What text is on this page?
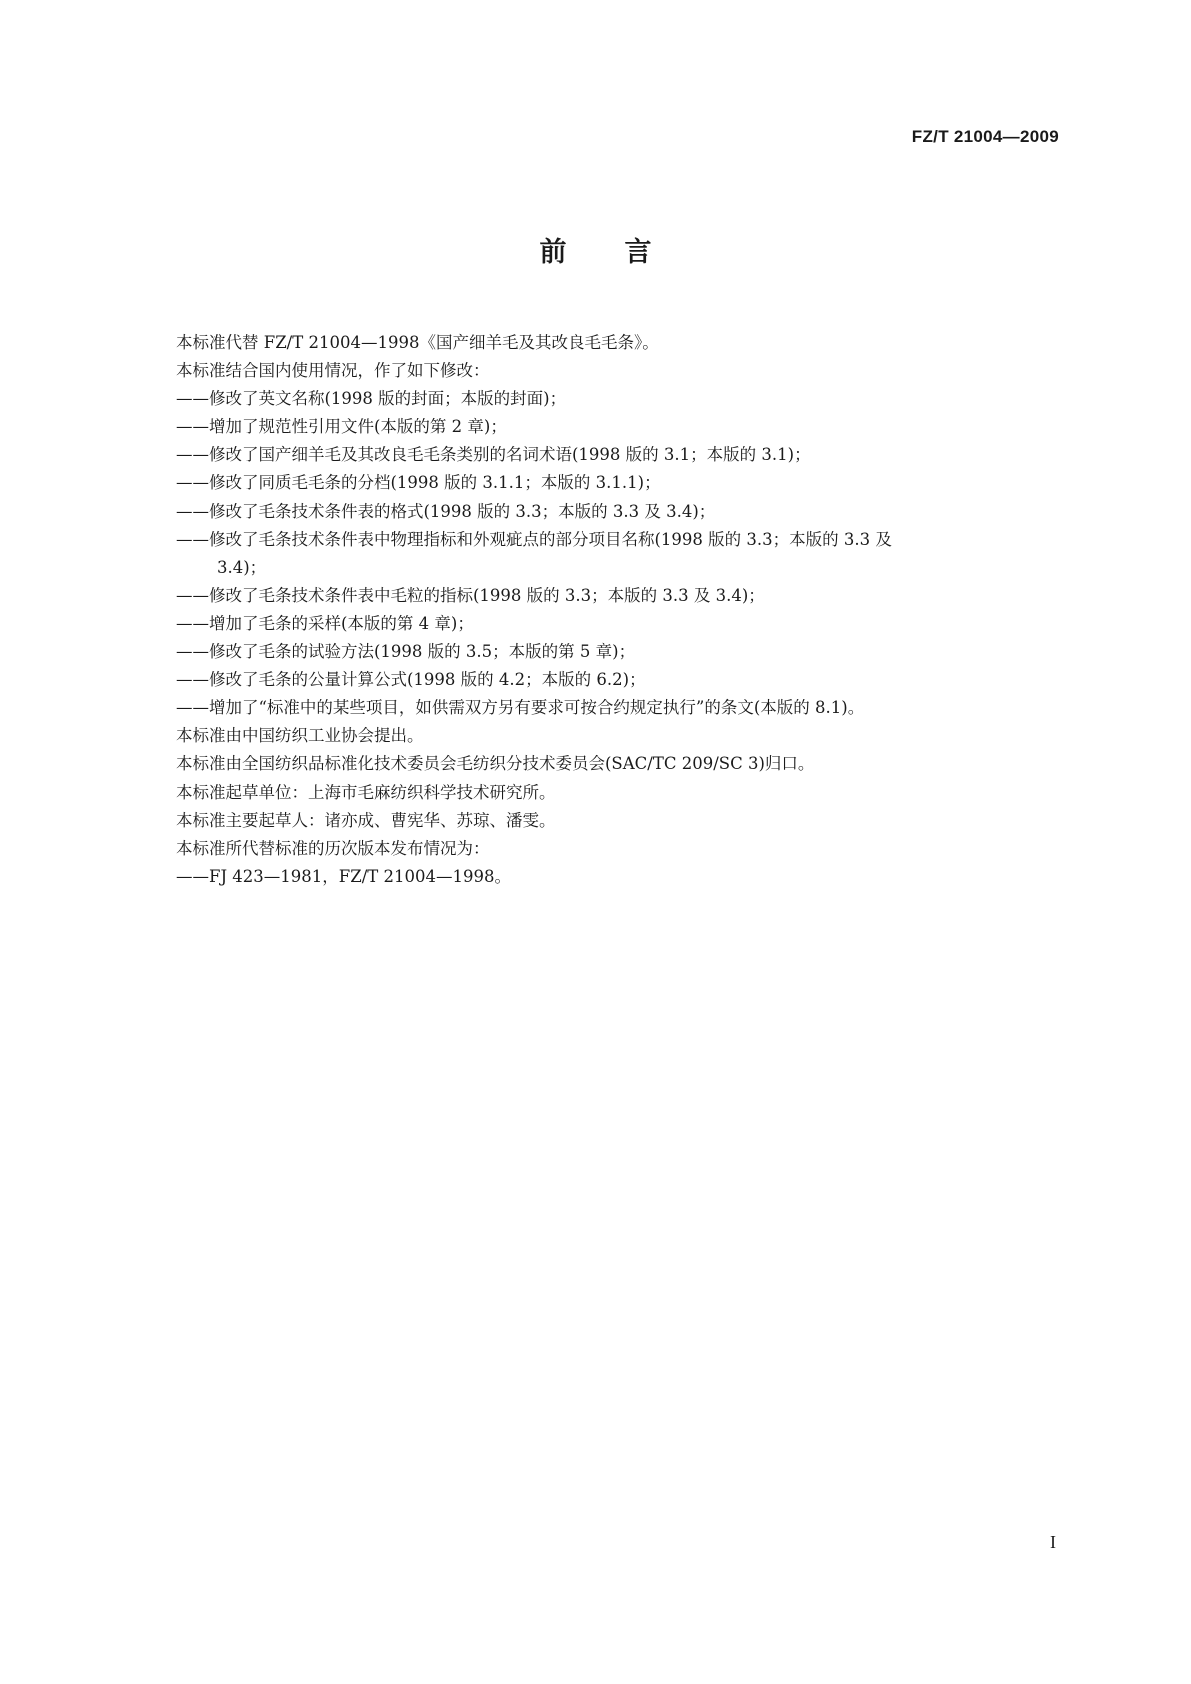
FZ/T 21004—2009
前言
本标准代替 FZ/T 21004—1998《国产细羊毛及其改良毛毛条》。
本标准结合国内使用情况，作了如下修改：
——修改了英文名称(1998 版的封面；本版的封面)；
——增加了规范性引用文件(本版的第 2 章)；
——修改了国产细羊毛及其改良毛毛条类别的名词术语(1998 版的 3.1；本版的 3.1)；
——修改了同质毛毛条的分档(1998 版的 3.1.1；本版的 3.1.1)；
——修改了毛条技术条件表的格式(1998 版的 3.3；本版的 3.3 及 3.4)；
——修改了毛条技术条件表中物理指标和外观疵点的部分项目名称(1998 版的 3.3；本版的 3.3 及
3.4)；
——修改了毛条技术条件表中毛粒的指标(1998 版的 3.3；本版的 3.3 及 3.4)；
——增加了毛条的采样(本版的第 4 章)；
——修改了毛条的试验方法(1998 版的 3.5；本版的第 5 章)；
——修改了毛条的公量计算公式(1998 版的 4.2；本版的 6.2)；
——增加了“标准中的某些项目，如供需双方另有要求可按合约规定执行”的条文(本版的 8.1)。
本标准由中国纺织工业协会提出。
本标准由全国纺织品标准化技术委员会毛纺织分技术委员会(SAC/TC 209/SC 3)归口。
本标准起草单位：上海市毛麻纺织科学技术研究所。
本标准主要起草人：诸亦成、曹宪华、苏琼、潘雯。
本标准所代替标准的历次版本发布情况为：
——FJ 423—1981，FZ/T 21004—1998。
I
